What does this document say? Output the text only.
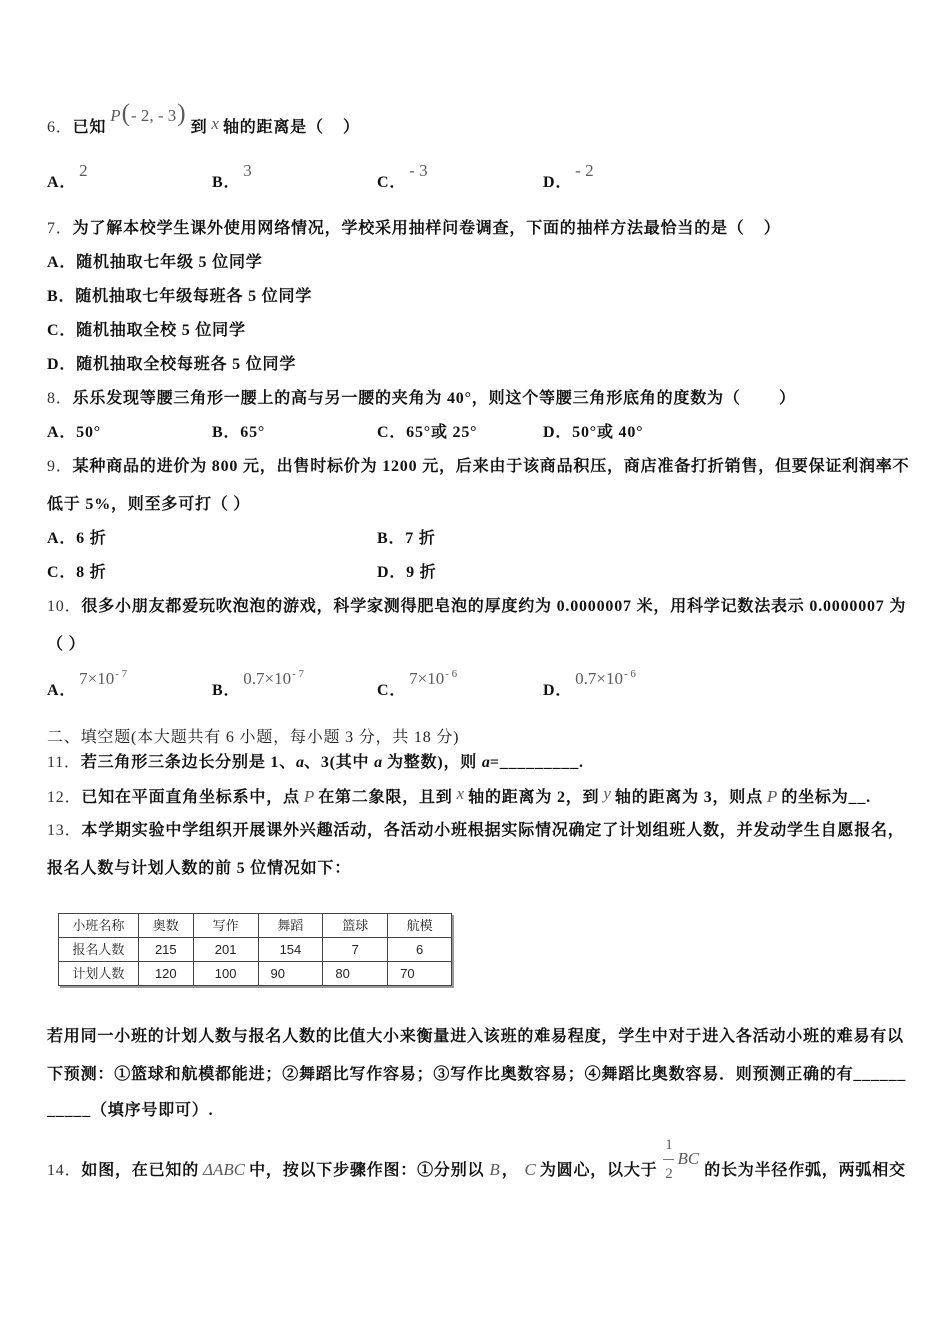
6． 已知
P ( - 2, - 3 )
到 x 轴的距离是（    ）
A．
2
B．
3
C．
- 3
D．
- 2
7． 为了解本校学生课外使用网络情况，学校采用抽样问卷调查，下面的抽样方法最恰当的是（    ）
A． 随机抽取七年级 5 位同学
B． 随机抽取七年级每班各 5 位同学
C． 随机抽取全校 5 位同学
D． 随机抽取全校每班各 5 位同学
8． 乐乐发现等腰三角形一腰上的高与另一腰的夹角为 40°，则这个等腰三角形底角的度数为（        ）
A． 50°	B． 65°	C． 65°或 25°	D． 50°或 40°
9． 某种商品的进价为 800 元，出售时标价为 1200 元，后来由于该商品积压，商店准备打折销售，但要保证利润率不
低于 5%，则至多可打（ ）
A． 6 折	B． 7 折
C． 8 折	D． 9 折
10． 很多小朋友都爱玩吹泡泡的游戏，科学家测得肥皂泡的厚度约为 0.0000007 米，用科学记数法表示 0.0000007 为
（ ）
A．
7×10 - 7
B．
0.7×10 - 7
C．
7×10 - 6
D．
0.7×10 - 6
二、填空题(本大题共有 6 小题，每小题 3 分，共 18 分)
11． 若三角形三条边长分别是 1、 a 、3(其中 a 为整数)，则 a =_________.
12． 已知在平面直角坐标系中，点 P 在第二象限，且到 x 轴的距离为 2，到 y 轴的距离为 3，则点 P 的坐标为__.
13． 本学期实验中学组织开展课外兴趣活动，各活动小班根据实际情况确定了计划组班人数，并发动学生自愿报名，
报名人数与计划人数的前 5 位情况如下：
小班名称	奥数	写作	舞蹈	篮球	航模
报名人数	215	201	154	7	6
计划人数	120	100	90	80	70
若用同一小班的计划人数与报名人数的比值大小来衡量进入该班的难易程度，学生中对于进入各活动小班的难易有以
下预测：①篮球和航模都能进；②舞蹈比写作容易；③写作比奥数容易；④舞蹈比奥数容易．则预测正确的有______
_____（填序号即可）.
14． 如图，在已知的 ΔABC 中，按以下步骤作图：①分别以 B ， C 为圆心，以大于 $\frac{1}{2}$ BC
的长为半径作弧，两弧相交
